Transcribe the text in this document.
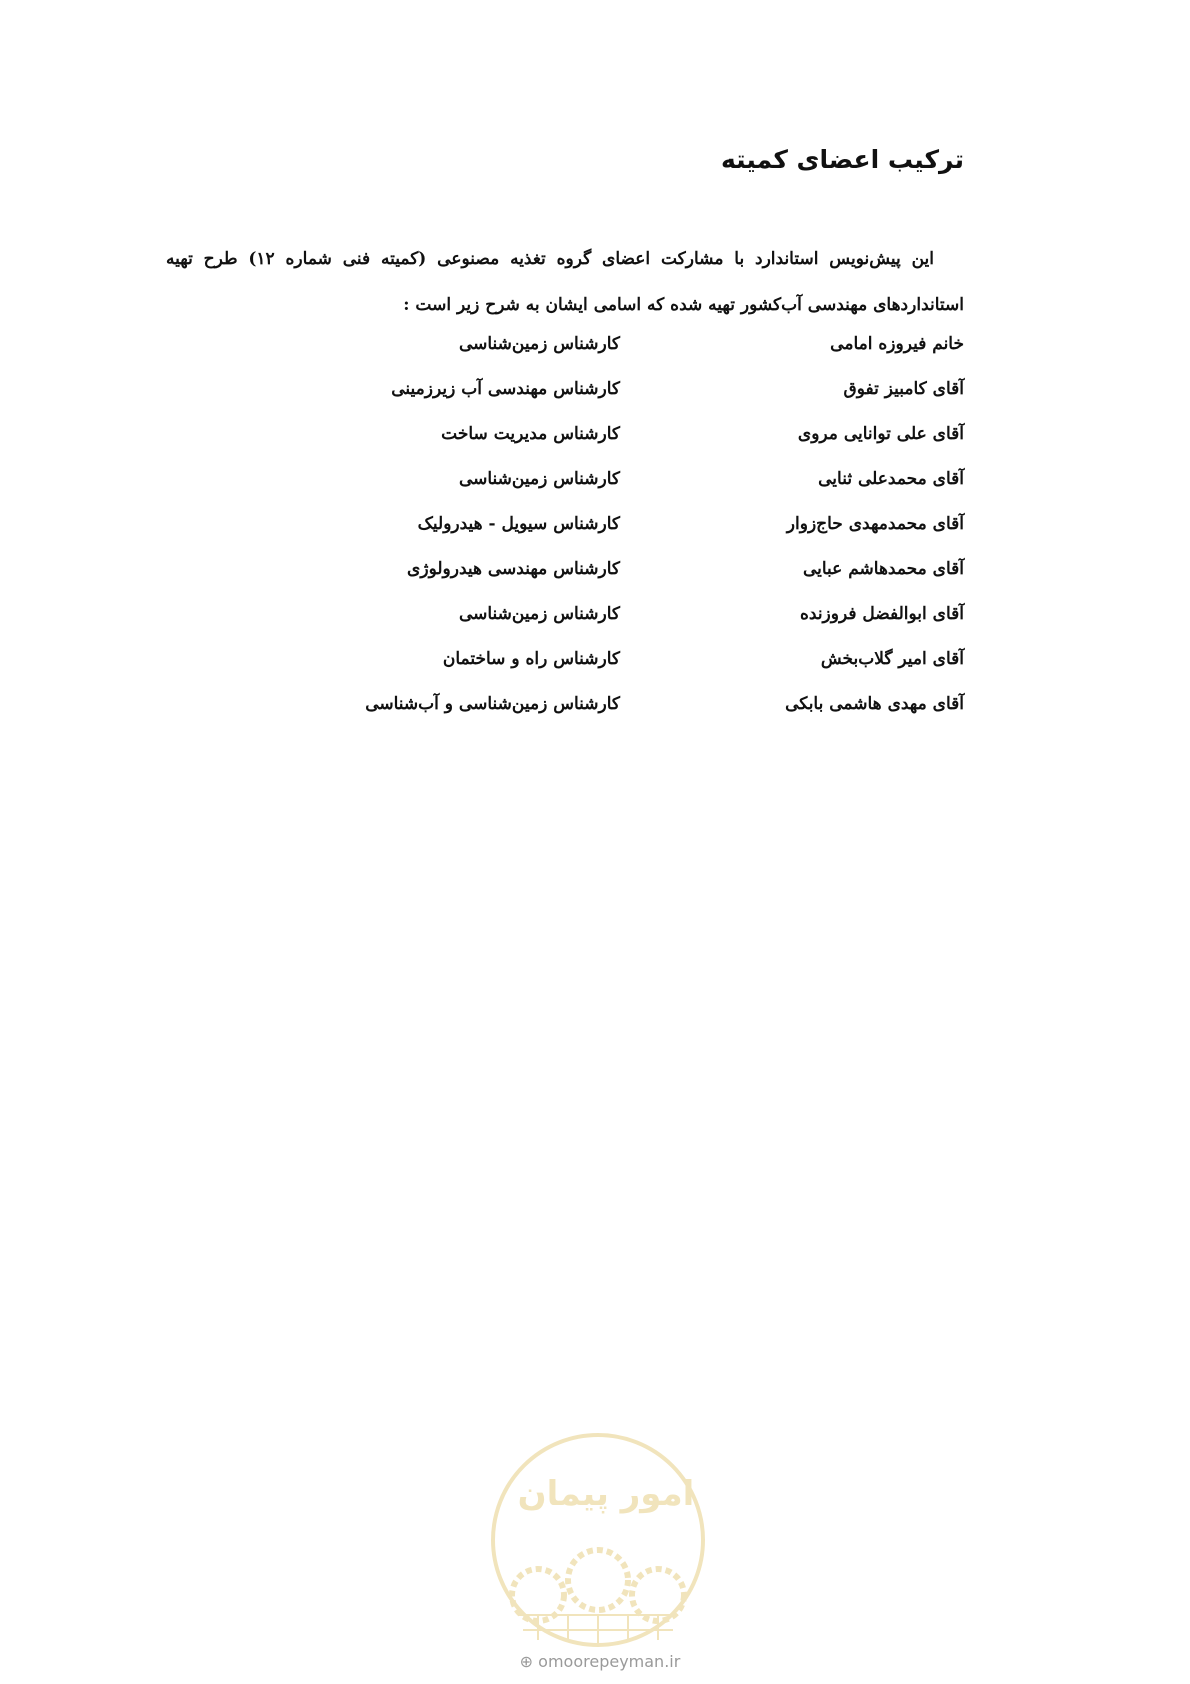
ترکیب اعضای کمیته
این پیش‌نویس استاندارد با مشارکت اعضای گروه تغذیه مصنوعی (کمیته فنی شماره ۱۲) طرح تهیه
استانداردهای مهندسی آب‌کشور تهیه شده که اسامی ایشان به شرح زیر است :
خانم فیروزه امامی
کارشناس زمین‌شناسی
آقای کامبیز تفوق
کارشناس مهندسی آب زیرزمینی
آقای علی توانایی مروی
کارشناس مدیریت ساخت
آقای محمدعلی ثنایی
کارشناس زمین‌شناسی
آقای محمدمهدی حاج‌زوار
کارشناس سیویل - هیدرولیک
آقای محمدهاشم عبایی
کارشناس مهندسی هیدرولوژی
آقای ابوالفضل فروزنده
کارشناس زمین‌شناسی
آقای امیر گلاب‌بخش
کارشناس راه و ساختمان
آقای مهدی هاشمی بابکی
کارشناس زمین‌شناسی و آب‌شناسی
امور پیمان
⊕ omoorepeyman.ir
